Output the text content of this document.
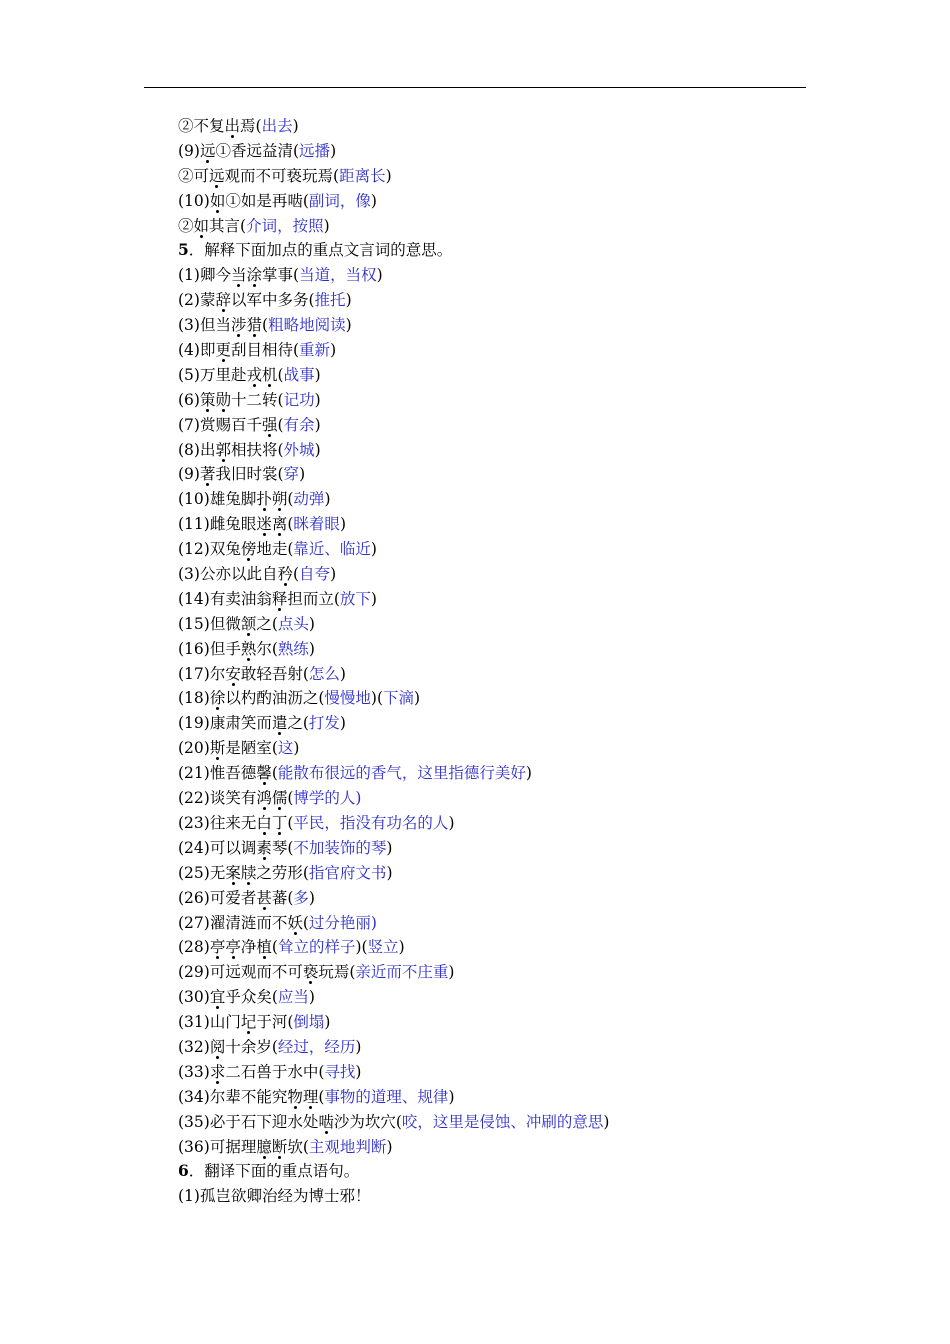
②不复出焉(出去)
(9)远①香远益清(远播)
②可远观而不可亵玩焉(距离长)
(10)如①如是再啮(副词，像)
②如其言(介词，按照)
5．解释下面加点的重点文言词的意思。
(1)卿今当涂掌事(当道，当权)
(2)蒙辞以军中多务(推托)
(3)但当涉猎(粗略地阅读)
(4)即更刮目相待(重新)
(5)万里赴戎机(战事)
(6)策勋十二转(记功)
(7)赏赐百千强(有余)
(8)出郭相扶将(外城)
(9)著我旧时裳(穿)
(10)雄兔脚扑朔(动弹)
(11)雌兔眼迷离(眯着眼)
(12)双兔傍地走(靠近、临近)
(3)公亦以此自矜(自夸)
(14)有卖油翁释担而立(放下)
(15)但微颔之(点头)
(16)但手熟尔(熟练)
(17)尔安敢轻吾射(怎么)
(18)徐以杓酌油沥之(慢慢地)(下滴)
(19)康肃笑而遣之(打发)
(20)斯是陋室(这)
(21)惟吾德馨(能散布很远的香气，这里指德行美好)
(22)谈笑有鸿儒(博学的人)
(23)往来无白丁(平民，指没有功名的人)
(24)可以调素琴(不加装饰的琴)
(25)无案牍之劳形(指官府文书)
(26)可爱者甚蕃(多)
(27)濯清涟而不妖(过分艳丽)
(28)亭亭净植(耸立的样子)(竖立)
(29)可远观而不可亵玩焉(亲近而不庄重)
(30)宜乎众矣(应当)
(31)山门圮于河(倒塌)
(32)阅十余岁(经过，经历)
(33)求二石兽于水中(寻找)
(34)尔辈不能究物理(事物的道理、规律)
(35)必于石下迎水处啮沙为坎穴(咬，这里是侵蚀、冲刷的意思)
(36)可据理臆断欤(主观地判断)
6．翻译下面的重点语句。
(1)孤岂欲卿治经为博士邪！
